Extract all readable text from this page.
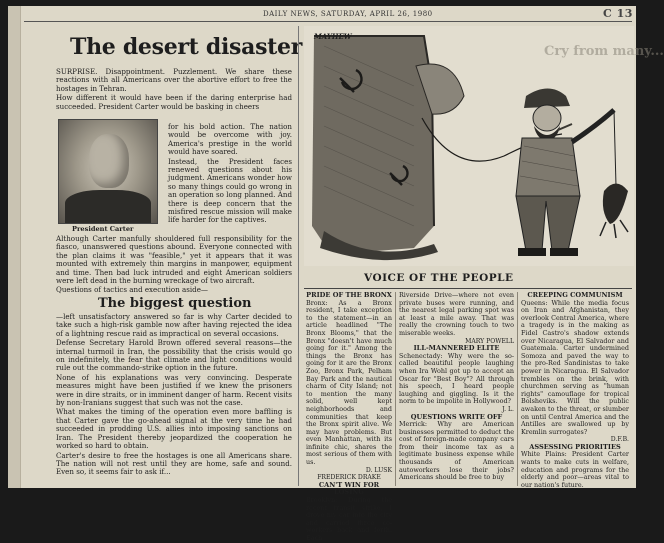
DAILY NEWS, SATURDAY, APRIL 26, 1980	C 13
The desert disaster

SURPRISE. Disappointment. Puzzlement. We share these reactions with all Americans over the abortive effort to free the hostages in Tehran.

How different it would have been if the daring enterprise had succeeded. President Carter would be basking in cheers

President Carter

for his bold action. The nation would be overcome with joy. America's prestige in the world would have soared.

Instead, the President faces renewed questions about his judgment. Americans wonder how so many things could go wrong in an operation so long planned. And there is deep concern that the misfired rescue mission will make life harder for the captives.

Although Carter manfully shouldered full responsibility for the fiasco, unanswered questions abound. Everyone connected with the plan claims it was "feasible," yet it appears that it was mounted with extremely thin margins in manpower, equipment and time. Then bad luck intruded and eight American soldiers were left dead in the burning wreckage of two aircraft.

Questions of tactics and execution aside—

The biggest question

—left unsatisfactory answered so far is why Carter decided to take such a high-risk gamble now after having rejected the idea of a lightning rescue raid as impractical on several occasions.

Defense Secretary Harold Brown offered several reasons—the internal turmoil in Iran, the possibility that the crisis would go on indefinitely, the fear that climate and light conditions would rule out the commando-strike option in the future.

None of his explanations was very convincing. Desperate measures might have been justified if we knew the prisoners were in dire straits, or in imminent danger of harm. Recent visits by non-Iranians suggest that such was not the case.

What makes the timing of the operation even more baffling is that Carter gave the go-ahead signal at the very time he had succeeded in prodding U.S. allies into imposing sanctions on Iran. The President thereby jeopardized the cooperation he worked so hard to obtain.

Carter's desire to free the hostages is one all Americans share. The nation will not rest until they are home, safe and sound. Even so, it seems fair to ask if...

Cry from many...
MAYHEW
VOICE OF THE PEOPLE

PRIDE OF THE BRONX

Bronx: As a Bronx resident, I take exception to the statement—in an article headlined "The Bronx Blooms," that the Bronx "doesn't have much going for it." Among the things the Bronx has going for it are the Bronx Zoo, Bronx Park, Pelham Bay Park and the nautical charm of City Island; not to mention the many solid, well kept neighborhoods and communities that keep the Bronx spirit alive. We may have problems. But even Manhattan, with its infinite chic, shares the most serious of them with us.

D. LUSK

FREDERICK DRAKE

CAN'T WIN FOR LOSING

Brooklyn: During the recent transit strike, I drove my car into the city and carried three co-workers back and forth. Each

Riverside Drive—where not even private buses were running, and the nearest legal parking spot was at least a mile away. That was really the crowning touch to two miserable weeks.

MARY POWELL

ILL-MANNERED ELITE

Schenectady: Why were the so-called beautiful people laughing when Ira Wohl got up to accept an Oscar for "Best Boy"? All through his speech, I heard people laughing and giggling. Is it the norm to be impolite in Hollywood?

J. L.

QUESTIONS WRITE OFF

Merrick: Why are American businesses permitted to deduct the cost of foreign-made company cars from their income tax as a legitimate business expense while thousands of American autoworkers lose their jobs? Americans should be free to buy

CREEPING COMMUNISM

Queens: While the media focus on Iran and Afghanistan, they overlook Central America, where a tragedy is in the making as Fidel Castro's shadow extends over Nicaragua, El Salvador and Guatemala. Carter undermined Somoza and paved the way to the pro-Red Sandinistas to take power in Nicaragua. El Salvador trembles on the brink, with churchmen serving as "human rights" camouflage for tropical Bolsheviks. Will the public awaken to the threat, or slumber on until Central America and the Antilles are swallowed up by Kremlin surrogates?

D.F.B.

ASSESSING PRIORITIES

White Plains: President Carter wants to make cuts in welfare, education and programs for the elderly and poor—areas vital to our nation's future.
